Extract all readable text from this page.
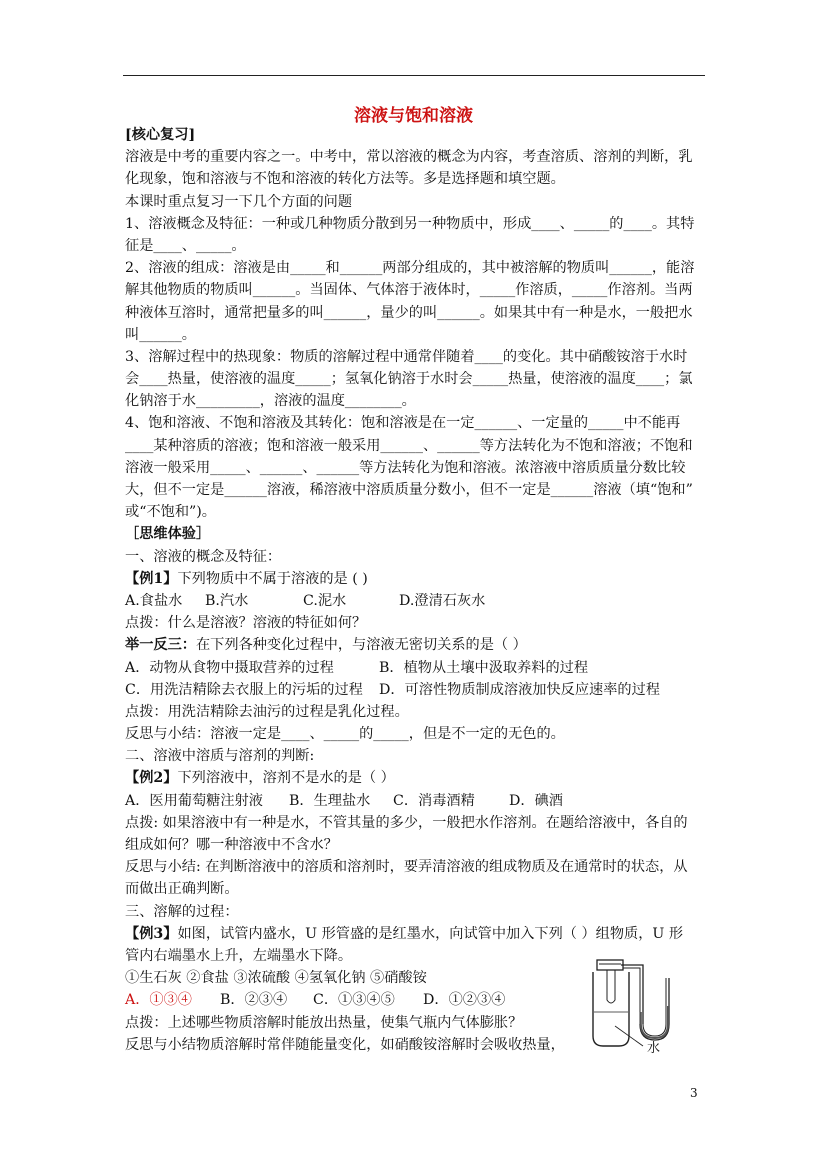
溶液与饱和溶液
[核心复习]
溶液是中考的重要内容之一。中考中，常以溶液的概念为内容，考查溶质、溶剂的判断，乳
化现象，饱和溶液与不饱和溶液的转化方法等。多是选择题和填空题。
本课时重点复习一下几个方面的问题
1、溶液概念及特征：一种或几种物质分散到另一种物质中，形成____、_____的____。其特
征是____、_____。
2、溶液的组成：溶液是由_____和______两部分组成的，其中被溶解的物质叫______，能溶
解其他物质的物质叫______。当固体、气体溶于液体时，_____作溶质，_____作溶剂。当两
种液体互溶时，通常把量多的叫______，量少的叫______。如果其中有一种是水，一般把水
叫______。
3、溶解过程中的热现象：物质的溶解过程中通常伴随着____的变化。其中硝酸铵溶于水时
会____热量，使溶液的温度_____；氢氧化钠溶于水时会_____热量，使溶液的温度____；氯
化钠溶于水_________，溶液的温度________。
4、饱和溶液、不饱和溶液及其转化：饱和溶液是在一定______、一定量的_____中不能再
____某种溶质的溶液；饱和溶液一般采用______、______等方法转化为不饱和溶液；不饱和
溶液一般采用_____、______、______等方法转化为饱和溶液。浓溶液中溶质质量分数比较
大，但不一定是______溶液，稀溶液中溶质质量分数小，但不一定是______溶液（填“饱和”
或“不饱和”)。
［思维体验］
一、溶液的概念及特征：
【例1】下列物质中不属于溶液的是 ( )
A.食盐水 B.汽水	C.泥水	D.澄清石灰水
点拨：什么是溶液？溶液的特征如何？
举一反三：在下列各种变化过程中，与溶液无密切关系的是（ ）
A．动物从食物中摄取营养的过程	B．植物从土壤中汲取养料的过程
C．用洗洁精除去衣服上的污垢的过程 D．可溶性物质制成溶液加快反应速率的过程
点拨：用洗洁精除去油污的过程是乳化过程。
反思与小结：溶液一定是____、_____的_____，但是不一定的无色的。
二、溶液中溶质与溶剂的判断:
【例2】下列溶液中，溶剂不是水的是（ ）
A．医用葡萄糖注射液 B．生理盐水 C．消毒酒精 D．碘酒
点拨: 如果溶液中有一种是水，不管其量的多少，一般把水作溶剂。在题给溶液中，各自的
组成如何？哪一种溶液中不含水？
反思与小结: 在判断溶液中的溶质和溶剂时，要弄清溶液的组成物质及在通常时的状态，从
而做出正确判断。
三、溶解的过程：
【例3】如图，试管内盛水，U 形管盛的是红墨水，向试管中加入下列（ ）组物质，U 形
管内右端墨水上升，左端墨水下降。
①生石灰 ②食盐 ③浓硫酸 ④氢氧化钠 ⑤硝酸铵
A．①③④ B．②③④ C．①③④⑤ D．①②③④
点拨：上述哪些物质溶解时能放出热量，使集气瓶内气体膨胀？
反思与小结物质溶解时常伴随能量变化，如硝酸铵溶解时会吸收热量，	水
3
